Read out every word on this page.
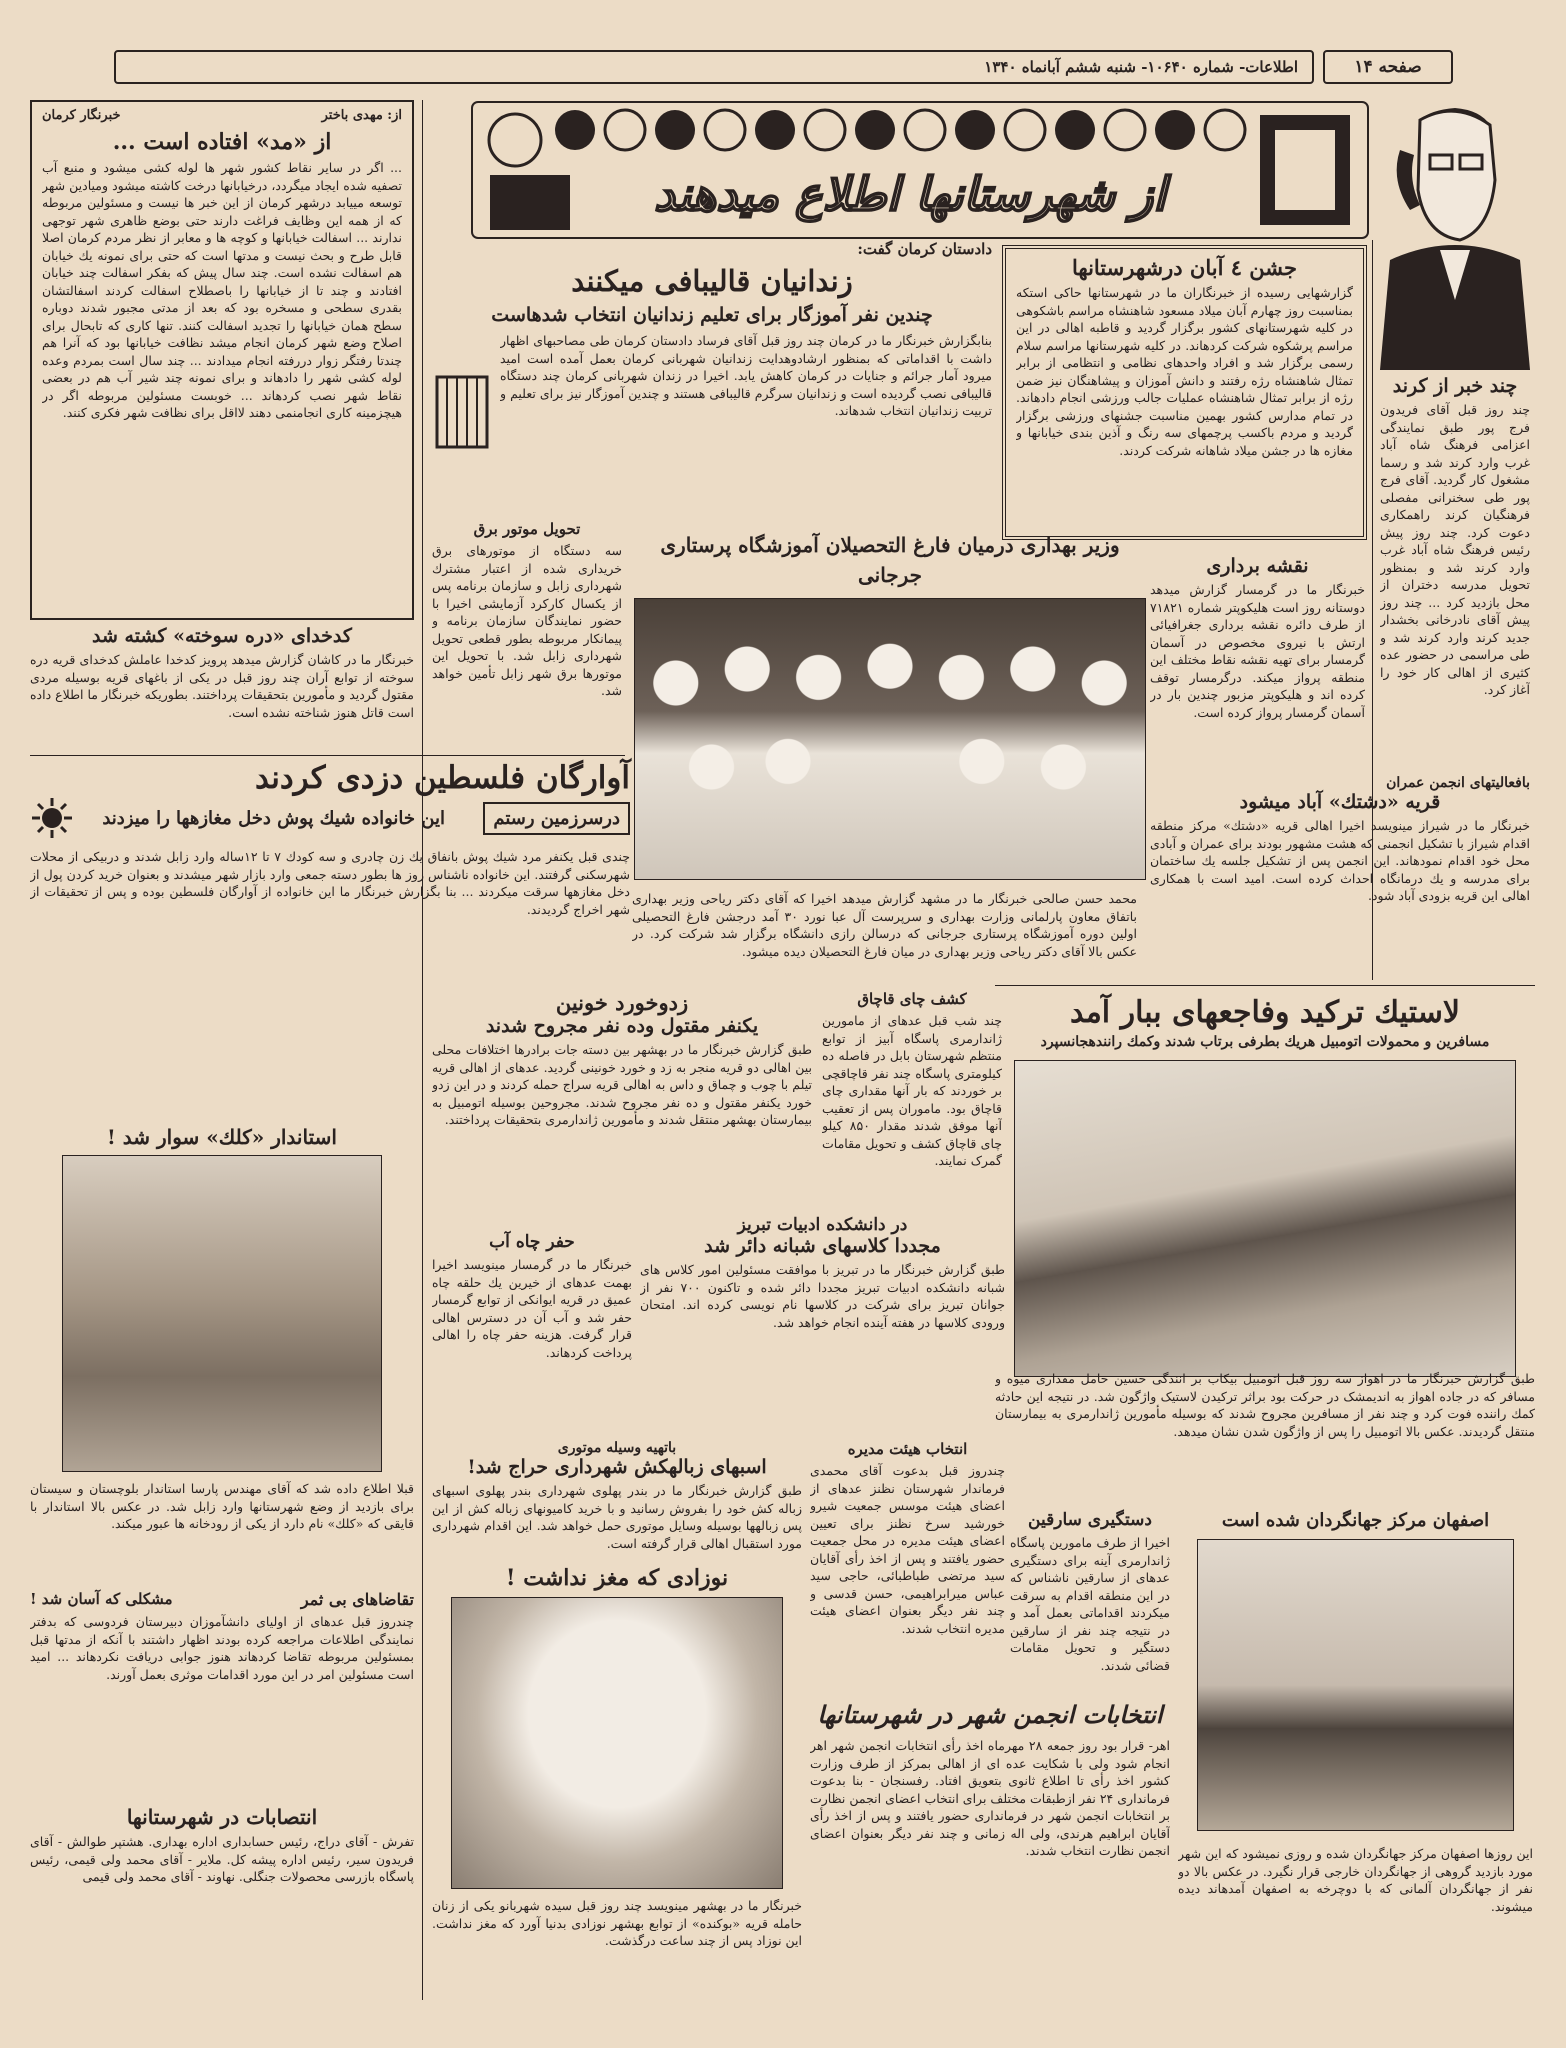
صفحه ۱۴
اطلاعات- شماره ۱۰۶۴۰- شنبه ششم آبانماه ۱۳۴۰
از شهرستانها اطلاع میدهند
از: مهدی باختر
خبرنگار کرمان
از «مد» افتاده است ...
... اگر در سایر نقاط کشور شهر ها لوله کشی میشود و منبع آب تصفیه شده ایجاد میگردد، درخیابانها درخت کاشته میشود ومیادین شهر توسعه مییابد درشهر کرمان از این خبر ها نیست و مسئولین مربوطه که از همه این وظایف فراغت دارند حتی بوضع ظاهری شهر توجهی ندارند ... اسفالت خیابانها و کوچه ها و معابر از نظر مردم کرمان اصلا قابل طرح و بحث نیست و مدتها است که حتی برای نمونه یك خیابان هم اسفالت نشده است. چند سال پیش که بفکر اسفالت چند خیابان افتادند و چند تا از خیابانها را باصطلاح اسفالت کردند اسفالتشان بقدری سطحی و مسخره بود که بعد از مدتی مجبور شدند دوباره سطح همان خیابانها را تجدید اسفالت کنند. تنها کاری که تابحال برای اصلاح وضع شهر کرمان انجام میشد نظافت خیابانها بود که آنرا هم چندتا رفتگر زوار دررفته انجام میدادند ... چند سال است بمردم وعده لوله کشی شهر را دادهاند و برای نمونه چند شیر آب هم در بعضی نقاط شهر نصب کردهاند ... خوبست مسئولین مربوطه اگر در هیچزمینه کاری انجامنمی دهند لااقل برای نظافت شهر فکری کنند.
کدخدای «دره سوخته» کشته شد
خبرنگار ما در کاشان گزارش میدهد پرویز کدخدا عاملش کدخدای قریه دره سوخته از توابع آران چند روز قبل در یکی از باغهای قریه بوسیله مردی مقتول گردید و مأمورین بتحقیقات پرداختند. بطوریکه خبرنگار ما اطلاع داده است قاتل هنوز شناخته نشده است.
آوارگان فلسطین دزدی کردند
درسرزمین رستم
این خانواده شیك پوش دخل مغازهها را میزدند
چندی قبل یکنفر مرد شیك پوش بانفاق یك زن چادری و سه کودك ۷ تا ۱۲ساله وارد زابل شدند و دربیکی از محلات شهرسکنی گرفتند. این خانواده ناشناس روز ها بطور دسته جمعی وارد بازار شهر میشدند و بعنوان خرید کردن پول از دخل مغازهها سرقت میکردند ... بنا بگزارش خبرنگار ما این خانواده از آوارگان فلسطین بوده و پس از تحقیقات از شهر اخراج گردیدند.
استاندار «کلك» سوار شد !
قبلا اطلاع داده شد که آقای مهندس پارسا استاندار بلوچستان و سیستان برای بازدید از وضع شهرستانها وارد زابل شد. در عکس بالا استاندار با قایقی که «کلك» نام دارد از یکی از رودخانه ها عبور میکند.
تقاضاهای بی ثمر
مشکلی که آسان شد !
چندروز قبل عدهای از اولیای دانشآموزان دبیرستان فردوسی که بدفتر نمایندگی اطلاعات مراجعه کرده بودند اظهار داشتند با آنکه از مدتها قبل بمسئولین مربوطه تقاضا کردهاند هنوز جوابی دریافت نکردهاند ... امید است مسئولین امر در این مورد اقدامات موثری بعمل آورند.
انتصابات در شهرستانها
تفرش - آقای دراج، رئیس حسابداری اداره بهداری. هشتپر طوالش - آقای فریدون سیر، رئیس اداره پیشه کل. ملایر - آقای محمد ولی قیمی، رئیس پاسگاه بازرسی محصولات جنگلی. نهاوند - آقای محمد ولی قیمی
دادستان کرمان گفت:
زندانیان قالیبافی میکنند
چندین نفر آموزگار برای تعلیم زندانیان انتخاب شدهاست
بنابگزارش خبرنگار ما در کرمان چند روز قبل آقای فرساد دادستان کرمان طی مصاحبهای اظهار داشت با اقداماتی که بمنظور ارشادوهدایت زندانیان شهربانی کرمان بعمل آمده است امید میرود آمار جرائم و جنایات در کرمان کاهش یابد. اخیرا در زندان شهربانی کرمان چند دستگاه قالیبافی نصب گردیده است و زندانیان سرگرم قالیبافی هستند و چندین آموزگار نیز برای تعلیم و تربیت زندانیان انتخاب شدهاند.
تحویل موتور برق
سه دستگاه از موتورهای برق خریداری شده از اعتبار مشترك شهرداری زابل و سازمان برنامه پس از یکسال کارکرد آزمایشی اخیرا با حضور نمایندگان سازمان برنامه و پیمانکار مربوطه بطور قطعی تحویل شهرداری زابل شد. با تحویل این موتورها برق شهر زابل تأمین خواهد شد.
وزیر بهداری درمیان فارغ التحصیلان آموزشگاه پرستاری جرجانی
محمد حسن صالحی خبرنگار ما در مشهد گزارش میدهد اخیرا که آقای دکتر ریاحی وزیر بهداری باتفاق معاون پارلمانی وزارت بهداری و سرپرست آل عبا نورد ۳۰ آمد درجشن فارغ التحصیلی اولین دوره آموزشگاه پرستاری جرجانی که درسالن رازی دانشگاه برگزار شد شرکت کرد. در عکس بالا آقای دکتر ریاحی وزیر بهداری در میان فارغ التحصیلان دیده میشود.
زدوخورد خونین
یکنفر مقتول وده نفر مجروح شدند
طبق گزارش خبرنگار ما در بهشهر بین دسته جات برادرها اختلافات محلی بین اهالی دو قریه منجر به زد و خورد خونینی گردید. عدهای از اهالی قریه تیلم با چوب و چماق و داس به اهالی قریه سراج حمله کردند و در این زدو خورد یکنفر مقتول و ده نفر مجروح شدند. مجروحین بوسیله اتومبیل به بیمارستان بهشهر منتقل شدند و مأمورین ژاندارمری بتحقیقات پرداختند.
کشف چای قاچاق
چند شب قبل عدهای از مامورین ژاندارمری پاسگاه آبیز از توابع منتظم شهرستان بابل در فاصله ده کیلومتری پاسگاه چند نفر قاچاقچی بر خوردند که بار آنها مقداری چای قاچاق بود. ماموران پس از تعقیب آنها موفق شدند مقدار ۸۵۰ کیلو چای قاچاق کشف و تحویل مقامات گمرک نمایند.
حفر چاه آب
خبرنگار ما در گرمسار مینویسد اخیرا بهمت عدهای از خیرین یك حلقه چاه عمیق در قریه ایوانکی از توابع گرمسار حفر شد و آب آن در دسترس اهالی قرار گرفت. هزینه حفر چاه را اهالی پرداخت کردهاند.
در دانشکده ادبیات تبریز
مجددا کلاسهای شبانه دائر شد
طبق گزارش خبرنگار ما در تبریز با موافقت مسئولین امور کلاس های شبانه دانشکده ادبیات تبریز مجددا دائر شده و تاکنون ۷۰۰ نفر از جوانان تبریز برای شرکت در کلاسها نام نویسی کرده اند. امتحان ورودی کلاسها در هفته آینده انجام خواهد شد.
باتهیه وسیله موتوری
اسبهای زبالهکش شهرداری حراج شد!
طبق گزارش خبرنگار ما در بندر پهلوی شهرداری بندر پهلوی اسبهای زباله کش خود را بفروش رسانید و با خرید کامیونهای زباله کش از این پس زبالهها بوسیله وسایل موتوری حمل خواهد شد. این اقدام شهرداری مورد استقبال اهالی قرار گرفته است.
انتخاب هیئت مدیره
چندروز قبل بدعوت آقای محمدی فرماندار شهرستان نظنز عدهای از اعضای هیئت موسس جمعیت شیرو خورشید سرخ نظنز برای تعیین اعضای هیئت مدیره در محل جمعیت حضور یافتند و پس از اخذ رأی آقایان سید مرتضی طباطبائی، حاجی سید عباس میرابراهیمی، حسن قدسی و چند نفر دیگر بعنوان اعضای هیئت مدیره انتخاب شدند.
نوزادی که مغز نداشت !
خبرنگار ما در بهشهر مینویسد چند روز قبل سیده شهربانو یکی از زنان حامله قریه «بوکنده» از توابع بهشهر نوزادی بدنیا آورد که مغز نداشت. این نوزاد پس از چند ساعت درگذشت.
جشن ٤ آبان درشهرستانها
گزارشهایی رسیده از خبرنگاران ما در شهرستانها حاکی استکه بمناسبت روز چهارم آبان میلاد مسعود شاهنشاه مراسم باشکوهی در کلیه شهرستانهای کشور برگزار گردید و قاطبه اهالی در این مراسم پرشکوه شرکت کردهاند. در کلیه شهرستانها مراسم سلام رسمی برگزار شد و افراد واحدهای نظامی و انتظامی از برابر تمثال شاهنشاه رژه رفتند و دانش آموزان و پیشاهنگان نیز ضمن رژه از برابر تمثال شاهنشاه عملیات جالب ورزشی انجام دادهاند. در تمام مدارس کشور بهمین مناسبت جشنهای ورزشی برگزار گردید و مردم باکسب پرچمهای سه رنگ و آذین بندی خیابانها و مغازه ها در جشن میلاد شاهانه شرکت کردند.
چند خبر از کرند
چند روز قبل آقای فریدون فرج پور طبق نمایندگی اعزامی فرهنگ شاه آباد غرب وارد کرند شد و رسما مشغول کار گردید. آقای فرج پور طی سخنرانی مفصلی فرهنگیان کرند راهمکاری دعوت کرد. چند روز پیش رئیس فرهنگ شاه آباد غرب وارد کرند شد و بمنظور تحویل مدرسه دختران از محل بازدید کرد ... چند روز پیش آقای نادرخانی بخشدار جدید کرند وارد کرند شد و طی مراسمی در حضور عده کثیری از اهالی کار خود را آغاز کرد.
نقشه برداری
خبرنگار ما در گرمسار گزارش میدهد دوستانه روز است هلیکوپتر شماره ۷۱۸۲۱ از طرف دائره نقشه برداری جغرافیائی ارتش با نیروی مخصوص در آسمان گرمسار برای تهیه نقشه نقاط مختلف این منطقه پرواز میکند. درگرمسار توقف کرده اند و هلیکوپتر مزبور چندین بار در آسمان گرمسار پرواز کرده است.
بافعالیتهای انجمن عمران
قریه «دشتك» آباد میشود
خبرنگار ما در شیراز مینویسد اخیرا اهالی قریه «دشتك» مرکز منطقه اقدام شیراز با تشکیل انجمنی که هشت مشهور بودند برای عمران و آبادی محل خود اقدام نمودهاند. این انجمن پس از تشکیل جلسه یك ساختمان برای مدرسه و یك درمانگاه احداث کرده است. امید است با همکاری اهالی این قریه بزودی آباد شود.
لاستیك ترکید وفاجعهای ببار آمد
مسافرین و محمولات اتومبیل هریك بطرفی برتاب شدند وکمك رانندهجانسپرد
طبق گزارش خبرنگار ما در اهواز سه روز قبل اتومبیل بیکاب بر انندگی حسین حامل مقداری میوه و مسافر که در جاده اهواز به اندیمشک در حرکت بود براثر ترکیدن لاستیک واژگون شد. در نتیجه این حادثه کمك راننده فوت کرد و چند نفر از مسافرین مجروح شدند که بوسیله مأمورین ژاندارمری به بیمارستان منتقل گردیدند. عکس بالا اتومبیل را پس از واژگون شدن نشان میدهد.
دستگیری سارقین
اخیرا از طرف مامورین پاسگاه ژاندارمری آینه برای دستگیری عدهای از سارقین ناشناس که در این منطقه اقدام به سرقت میکردند اقداماتی بعمل آمد و در نتیجه چند نفر از سارقین دستگیر و تحویل مقامات قضائی شدند.
اصفهان مرکز جهانگردان شده است
این روزها اصفهان مرکز جهانگردان شده و روزی نمیشود که این شهر مورد بازدید گروهی از جهانگردان خارجی قرار نگیرد. در عکس بالا دو نفر از جهانگردان آلمانی که با دوچرخه به اصفهان آمدهاند دیده میشوند.
انتخابات انجمن شهر در شهرستانها
اهر- قرار بود روز جمعه ۲۸ مهرماه اخذ رأی انتخابات انجمن شهر اهر انجام شود ولی با شکایت عده ای از اهالی بمرکز از طرف وزارت کشور اخذ رأی تا اطلاع ثانوی بتعویق افتاد. رفسنجان - بنا بدعوت فرمانداری ۲۴ نفر ازطبقات مختلف برای انتخاب اعضای انجمن نظارت بر انتخابات انجمن شهر در فرمانداری حضور یافتند و پس از اخذ رأی آقایان ابراهیم هرندی، ولی اله زمانی و چند نفر دیگر بعنوان اعضای انجمن نظارت انتخاب شدند.
